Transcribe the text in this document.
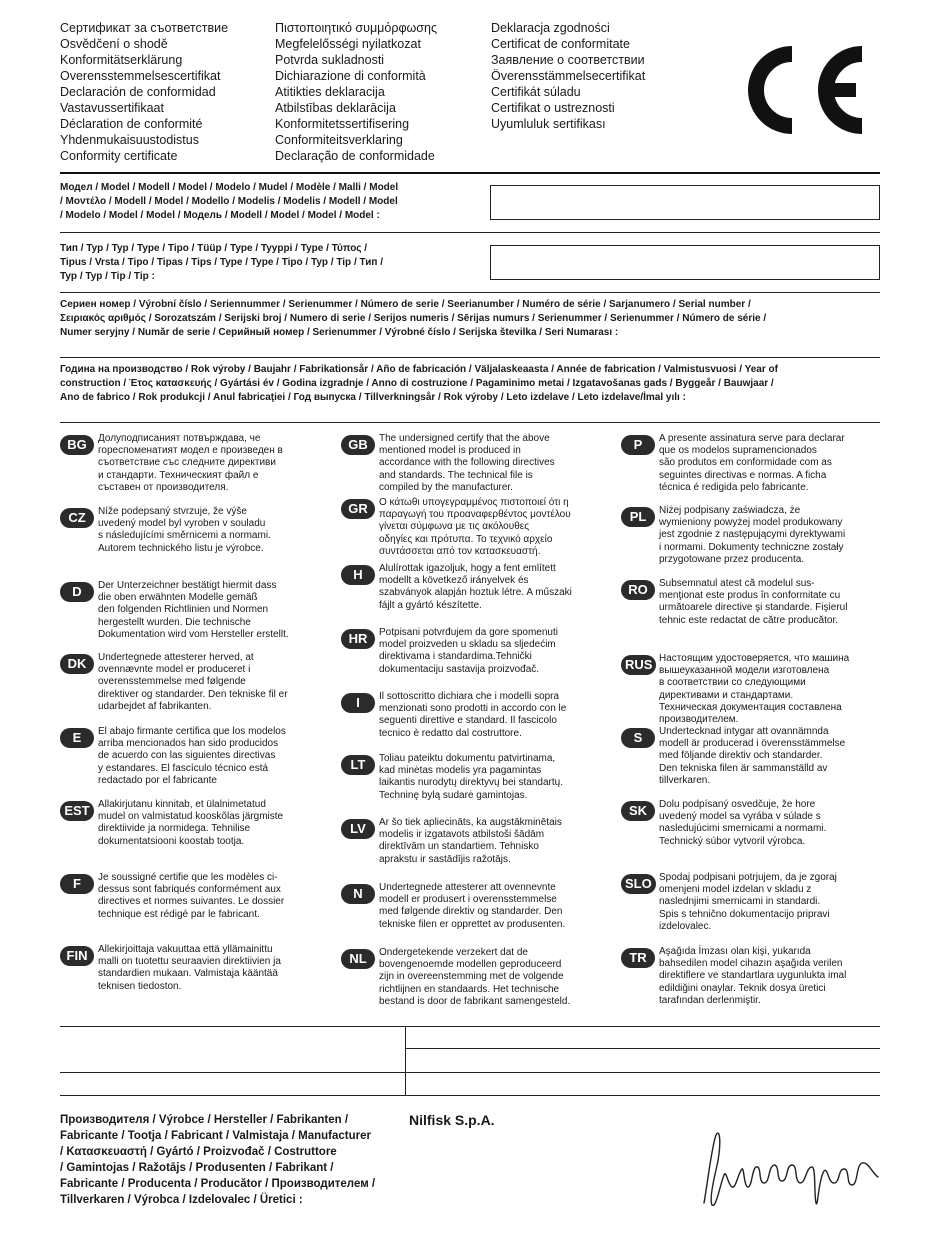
Сертификат за съответствие
Osvědčení o shodě
Konformitätserklärung
Overensstemmelsescertifikat
Declaración de conformidad
Vastavussertifikaat
Déclaration de conformité
Yhdenmukaisuustodistus
Conformity certificate
Πιστοποιητικό συμμόρφωσης
Megfelelősségi nyilatkozat
Potvrda sukladnosti
Dichiarazione di conformità
Atitikties deklaracija
Atbilstības deklarācija
Konformitetssertifisering
Conformiteitsverklaring
Declaração de conformidade
Deklaracja zgodności
Certificat de conformitate
Заявление о соответствии
Överensstämmelsecertifikat
Certifikát súladu
Certifikat o ustreznosti
Uyumluluk sertifikası
Модел / Model / Modell / Model / Modelo / Mudel / Modèle / Malli / Model
/ Μοντέλο / Modell / Model / Modello / Modelis / Modelis / Modell / Model
/ Modelo / Model / Model / Модель / Modell / Model / Model / Model :
Тип / Typ / Typ / Type / Tipo / Tüüp / Type / Tyyppi / Type / Τύπος /
Tipus / Vrsta / Tipo / Tipas / Tips / Type / Type / Tipo / Typ / Tip / Тип /
Typ / Typ / Tip / Tip :
Сериен номер / Výrobní číslo / Seriennummer / Serienummer / Número de serie / Seerianumber / Numéro de série / Sarjanumero / Serial number /
Σειριακός αριθμός / Sorozatszám / Serijski broj / Numero di serie / Serijos numeris / Sērijas numurs / Serienummer / Serienummer / Número de série /
Numer seryjny / Număr de serie / Серийный номер / Serienummer / Výrobné číslo / Serijska številka / Seri Numarası :
Година на производство / Rok výroby / Baujahr / Fabrikationsår / Año de fabricación / Väljalaskeaasta / Année de fabrication / Valmistusvuosi / Year of
construction / Έτος κατασκευής / Gyártási év / Godina izgradnje / Anno di costruzione / Pagaminimo metai / Izgatavošanas gads / Byggeår / Bauwjaar /
Ano de fabrico / Rok produkcji / Anul fabricaţiei / Год выпуска / Tillverkningsår / Rok výroby / Leto izdelave / Leto izdelave/İmal yılı :
BG	Долуподписаният потвърждава, че
гореспоменатият модел е произведен в
съответствие със следните директиви
и стандарти. Техническият файл е
съставен от производителя.
CZ	Níže podepsaný stvrzuje, že výše
uvedený model byl vyroben v souladu
s následujícími směrnicemi a normami.
Autorem technického listu je výrobce.
D	Der Unterzeichner bestätigt hiermit dass
die oben erwähnten Modelle gemäß
den folgenden Richtlinien und Normen
hergestellt wurden. Die technische
Dokumentation wird vom Hersteller erstellt.
DK	Undertegnede attesterer herved, at
ovennævnte model er produceret i
overensstemmelse med følgende
direktiver og standarder. Den tekniske fil er
udarbejdet af fabrikanten.
E	El abajo firmante certifica que los modelos
arriba mencionados han sido producidos
de acuerdo con las siguientes directivas
y estandares. El fascículo técnico está
redactado por el fabricante
EST Allakirjutanu kinnitab, et ülalnimetatud
mudel on valmistatud kooskõlas järgmiste
direktiivide ja normidega. Tehnilise
dokumentatsiooni koostab tootja.
F	Je soussigné certifie que les modèles ci-
dessus sont fabriqués conformément aux
directives et normes suivantes. Le dossier
technique est rédigé par le fabricant.
FIN	Allekirjoittaja vakuuttaa että yllämainittu
malli on tuotettu seuraavien direktiivien ja
standardien mukaan. Valmistaja kääntää
teknisen tiedoston.
GB	The undersigned certify that the above
mentioned model is produced in
accordance with the following directives
and standards. The technical file is
compiled by the manufacturer.
GR	Ο κάτωθι υπογεγραμμένος πιστοποιεί ότι η
παραγωγή του προαναφερθέντος μοντέλου
γίνεται σύμφωνα με τις ακόλουθες
οδηγίες και πρότυπα. Το τεχνικό αρχείο
συντάσσεται από τον κατασκευαστή.
H	Alulírottak igazoljuk, hogy a fent említett
modellt a következő irányelvek és
szabványok alapján hoztuk létre. A műszaki
fájlt a gyártó készítette.
HR	Potpisani potvrđujem da gore spomenuti
model proizveden u skladu sa sljedećim
direktivama i standardima.Tehnički
dokumentaciju sastavija proizvođač.
I	Il sottoscritto dichiara che i modelli sopra
menzionati sono prodotti in accordo con le
seguenti direttive e standard. Il fascicolo
tecnico è redatto dal costruttore.
LT	Toliau pateiktu dokumentu patvirtinama,
kad minėtas modelis yra pagamintas
laikantis nurodytų direktyvų bei standartų.
Techninę bylą sudarė gamintojas.
LV	Ar šo tiek apliecināts, ka augstākminētais
modelis ir izgatavots atbilstoši šādām
direktīvām un standartiem. Tehnisko
aprakstu ir sastādījis ražotājs.
N	Undertegnede attesterer att ovennevnte
modell er produsert i overensstemmelse
med følgende direktiv og standarder. Den
tekniske filen er opprettet av produsenten.
NL	Ondergetekende verzekert dat de
bovengenoemde modellen geproduceerd
zijn in overeenstemming met de volgende
richtlijnen en standaards. Het technische
bestand is door de fabrikant samengesteld.
P	A presente assinatura serve para declarar
que os modelos supramencionados
são produtos em conformidade com as
seguintes directivas e normas. A ficha
técnica é redigida pelo fabricante.
PL	Niżej podpisany zaświadcza, że
wymieniony powyżej model produkowany
jest zgodnie z następującymi dyrektywami
i normami. Dokumenty techniczne zostały
przygotowane przez producenta.
RO	Subsemnatul atest că modelul sus-
menţionat este produs în conformitate cu
următoarele directive şi standarde. Fişierul
tehnic este redactat de către producător.
RUS Настоящим удостоверяется, что машина
вышеуказанной модели изготовлена
в соответствии со следующими
директивами и стандартами.
Техническая документация составлена
производителем.
S	Undertecknad intygar att ovannämnda
modell är producerad i överensstämmelse
med följande direktiv och standarder.
Den tekniska filen är sammanställd av
tillverkaren.
SK	Dolu podpísaný osvedčuje, že hore
uvedený model sa vyrába v súlade s
nasledujúcimi smernicami a normami.
Technický súbor vytvoril výrobca.
SLO Spodaj podpisani potrjujem, da je zgoraj
omenjeni model izdelan v skladu z
naslednjimi smernicami in standardi.
Spis s tehnično dokumentacijo pripravi
izdelovalec.
TR	Aşağıda İmzası olan kişi, yukarıda
bahsedilen model cihazın aşağıda verilen
direktiflere ve standartlara uygunlukta imal
edildiğini onaylar. Teknik dosya üretici
tarafından derlenmiştir.
Производителя / Výrobce / Hersteller / Fabrikanten /
Fabricante / Tootja / Fabricant / Valmistaja / Manufacturer
/ Κατασκευαστή / Gyártó / Proizvođač / Costruttore
/ Gamintojas / Ražotājs / Produsenten / Fabrikant /
Fabricante / Producenta / Producător / Производителем /
Tillverkaren / Výrobca / Izdelovalec / Üretici :
Nilfisk S.p.A.
